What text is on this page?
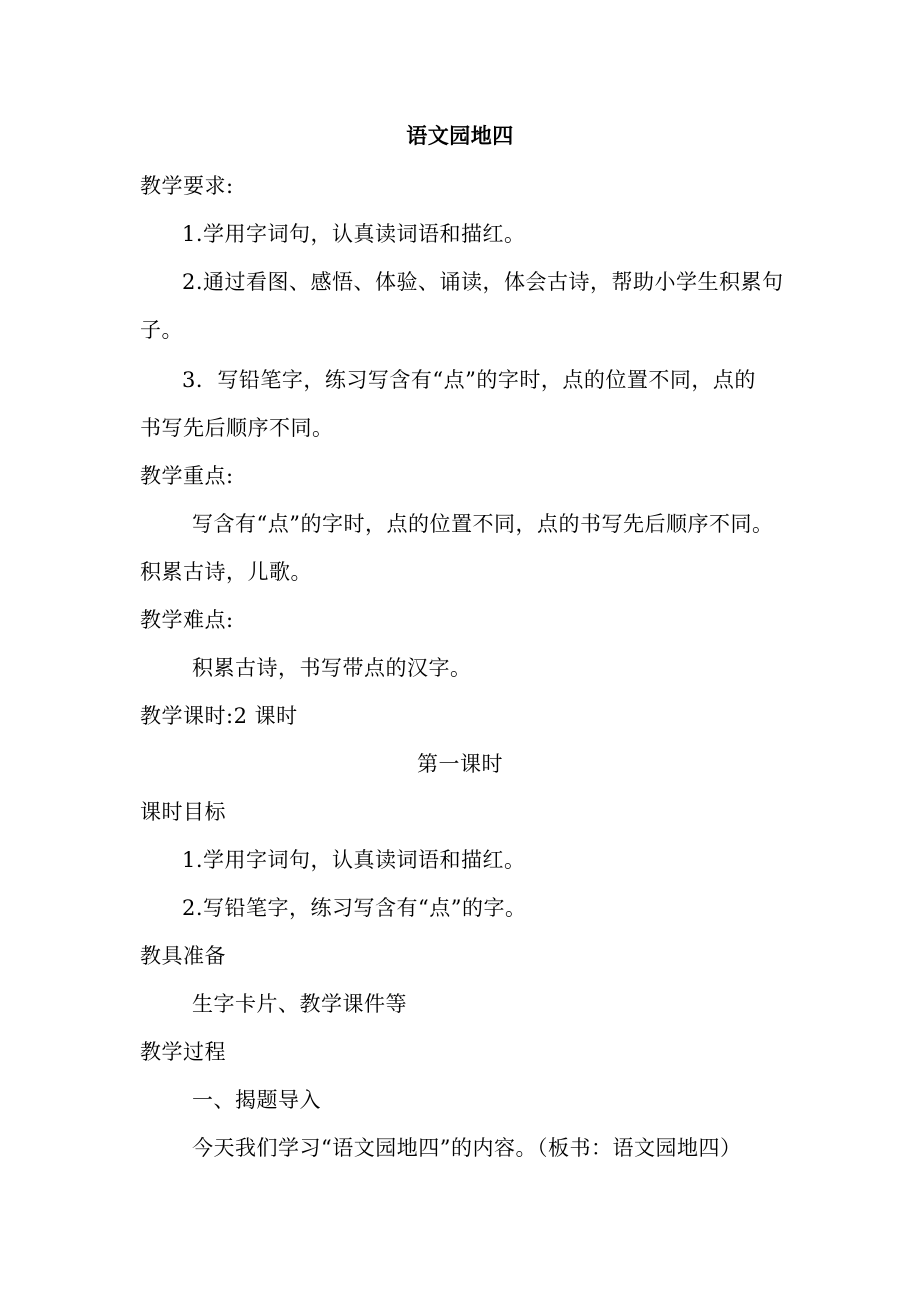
语文园地四
教学要求:
1.学用字词句，认真读词语和描红。
2.通过看图、感悟、体验、诵读，体会古诗，帮助小学生积累句
子。
3．写铅笔字，练习写含有“点”的字时，点的位置不同，点的
书写先后顺序不同。
教学重点:
写含有“点”的字时，点的位置不同，点的书写先后顺序不同。
积累古诗，儿歌。
教学难点:
积累古诗，书写带点的汉字。
教学课时:2 课时
第一课时
课时目标
1.学用字词句，认真读词语和描红。
2.写铅笔字，练习写含有“点”的字。
教具准备
生字卡片、教学课件等
教学过程
一、揭题导入
今天我们学习“语文园地四”的内容。（板书：语文园地四）
